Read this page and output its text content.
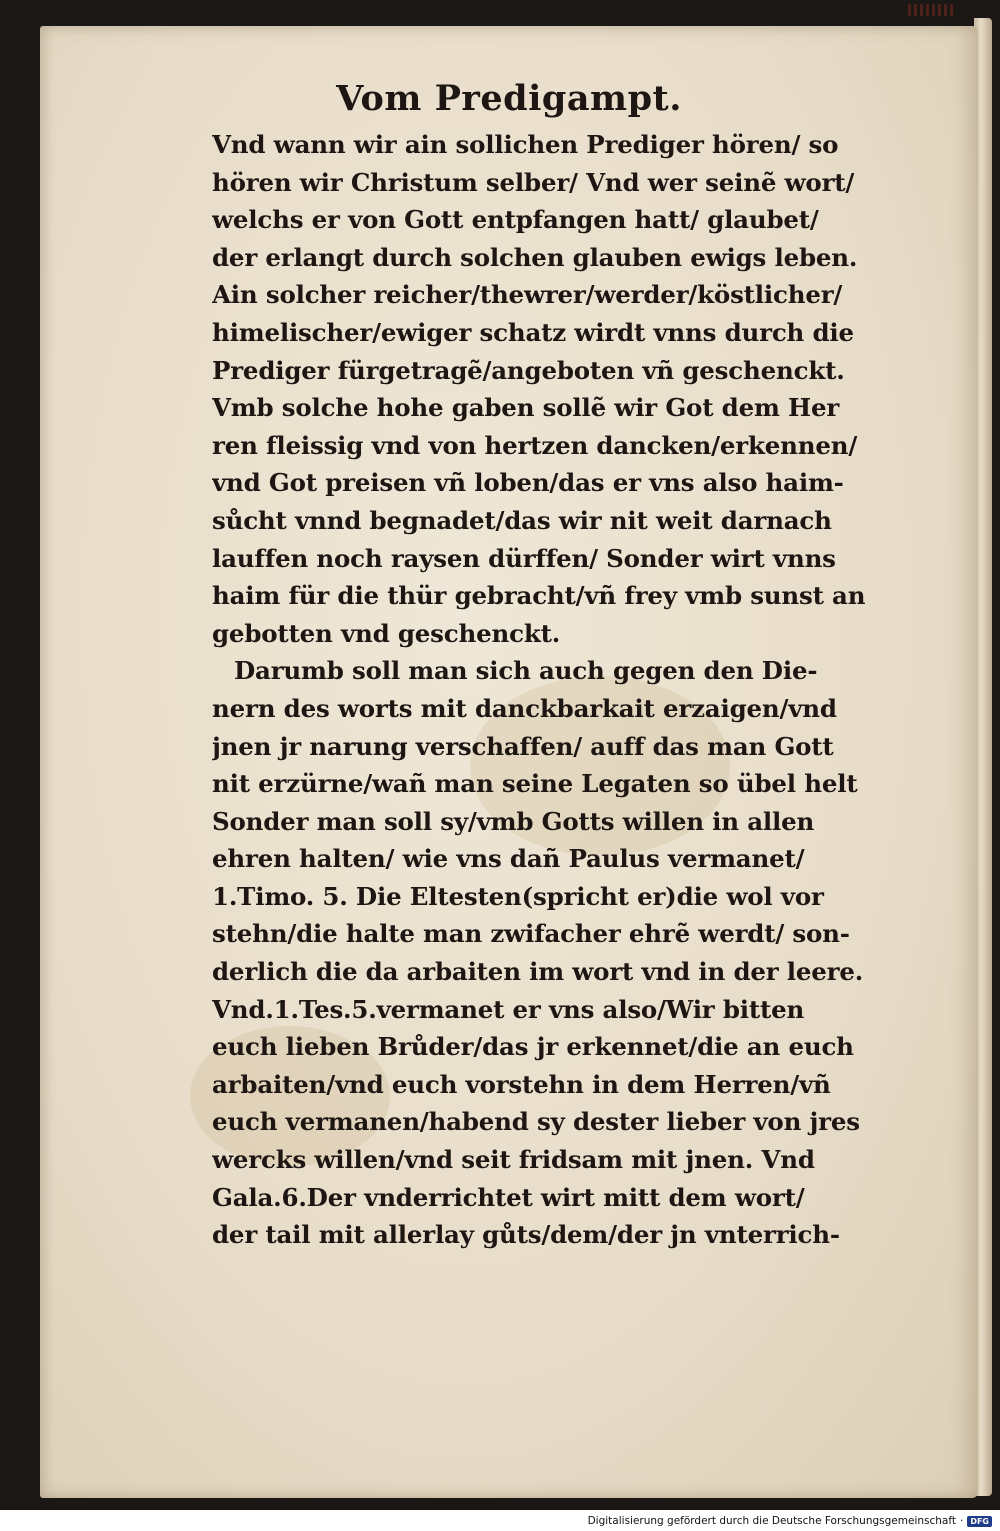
Vom Predigampt.
Vnd wann wir ain sollichen Prediger hören/ so
hören wir Christum selber/ Vnd wer seinẽ wort/
welchs er von Gott entpfangen hatt/ glaubet/
der erlangt durch solchen glauben ewigs leben.
Ain solcher reicher/thewrer/werder/köstlicher/
himelischer/ewiger schatz wirdt vnns durch die
Prediger fürgetragẽ/angeboten vñ geschenckt.
Vmb solche hohe gaben sollẽ wir Got dem Her
ren fleissig vnd von hertzen dancken/erkennen/
vnd Got preisen vñ loben/das er vns also haim-
sůcht vnnd begnadet/das wir nit weit darnach
lauffen noch raysen dürffen/ Sonder wirt vnns
haim für die thür gebracht/vñ frey vmb sunst an
gebotten vnd geschenckt.
Darumb soll man sich auch gegen den Die-
nern des worts mit danckbarkait erzaigen/vnd
jnen jr narung verschaffen/ auff das man Gott
nit erzürne/wañ man seine Legaten so übel helt
Sonder man soll sy/vmb Gotts willen in allen
ehren halten/ wie vns dañ Paulus vermanet/
1.Timo. 5. Die Eltesten(spricht er)die wol vor
stehn/die halte man zwifacher ehrẽ werdt/ son-
derlich die da arbaiten im wort vnd in der leere.
Vnd.1.Tes.5.vermanet er vns also/Wir bitten
euch lieben Brůder/das jr erkennet/die an euch
arbaiten/vnd euch vorstehn in dem Herren/vñ
euch vermanen/habend sy dester lieber von jres
wercks willen/vnd seit fridsam mit jnen. Vnd
Gala.6.Der vnderrichtet wirt mitt dem wort/
der tail mit allerlay gůts/dem/der jn vnterrich-
Digitalisierung gefördert durch die Deutsche Forschungsgemeinschaft · DFG
